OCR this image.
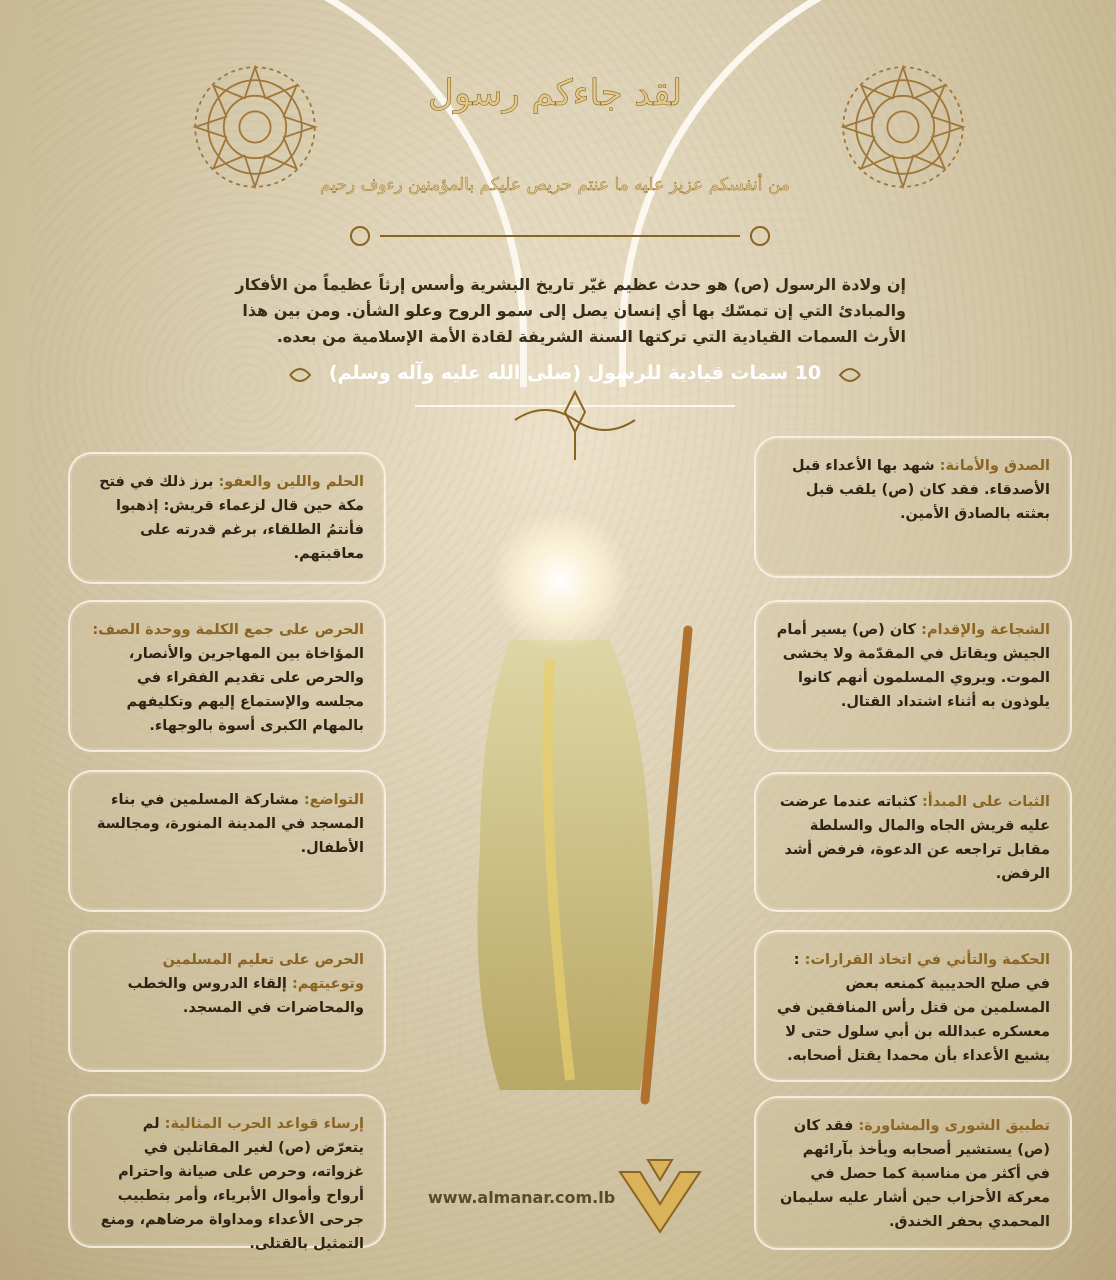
لقد جاءكم رسول
من أنفسكم عزيز عليه ما عنتم حريص عليكم بالمؤمنين رءوف رحيم

إن ولادة الرسول (ص) هو حدث عظيم غيّر تاريخ البشرية وأسس إرثاً عظيماً من الأفكار والمبادئ التي إن تمسّك بها أي إنسان يصل إلى سمو الروح وعلو الشأن. ومن بين هذا الأرث السمات القيادية التي تركتها السنة الشريفة لقادة الأمة الإسلامية من بعده.

10 سمات قيادية للرسول (صلى الله عليه وآله وسلم)
الصدق والأمانة: شهد بها الأعداء قبل الأصدقاء. فقد كان (ص) يلقب قبل بعثته بالصادق الأمين.
الشجاعة والإقدام: كان (ص) يسير أمام الجيش ويقاتل في المقدّمة ولا يخشى الموت. ويروي المسلمون أنهم كانوا يلوذون به أثناء اشتداد القتال.
الثبات على المبدأ: كثباته عندما عرضت عليه قريش الجاه والمال والسلطة مقابل تراجعه عن الدعوة، فرفض أشد الرفض.
الحكمة والتأني في اتخاذ القرارات: : في صلح الحديبية كمنعه بعض المسلمين من قتل رأس المنافقين في معسكره عبدالله بن أبي سلول حتى لا يشيع الأعداء بأن محمدا يقتل أصحابه.
تطبيق الشورى والمشاورة: فقد كان (ص) يستشير أصحابه ويأخذ بآرائهم في أكثر من مناسبة كما حصل في معركة الأحزاب حين أشار عليه سليمان المحمدي بحفر الخندق.
الحلم واللين والعفو: برز ذلك في فتح مكة حين قال لزعماء قريش: إذهبوا فأنتمُ الطلقاء، برغم قدرته على معاقبتهم.
الحرص على جمع الكلمة ووحدة الصف: المؤاخاة بين المهاجرين والأنصار، والحرص على تقديم الفقراء في مجلسه والإستماع إليهم وتكليفهم بالمهام الكبرى أسوة بالوجهاء.
التواضع: مشاركة المسلمين في بناء المسجد في المدينة المنورة، ومجالسة الأطفال.
الحرص على تعليم المسلمين وتوعيتهم: إلقاء الدروس والخطب والمحاضرات في المسجد.
إرساء قواعد الحرب المثالية: لم يتعرّض (ص) لغير المقاتلين في غزواته، وحرص على صيانة واحترام أرواح وأموال الأبرياء، وأمر بتطبيب جرحى الأعداء ومداواة مرضاهم، ومنع التمثيل بالقتلى.
www.almanar.com.lb
